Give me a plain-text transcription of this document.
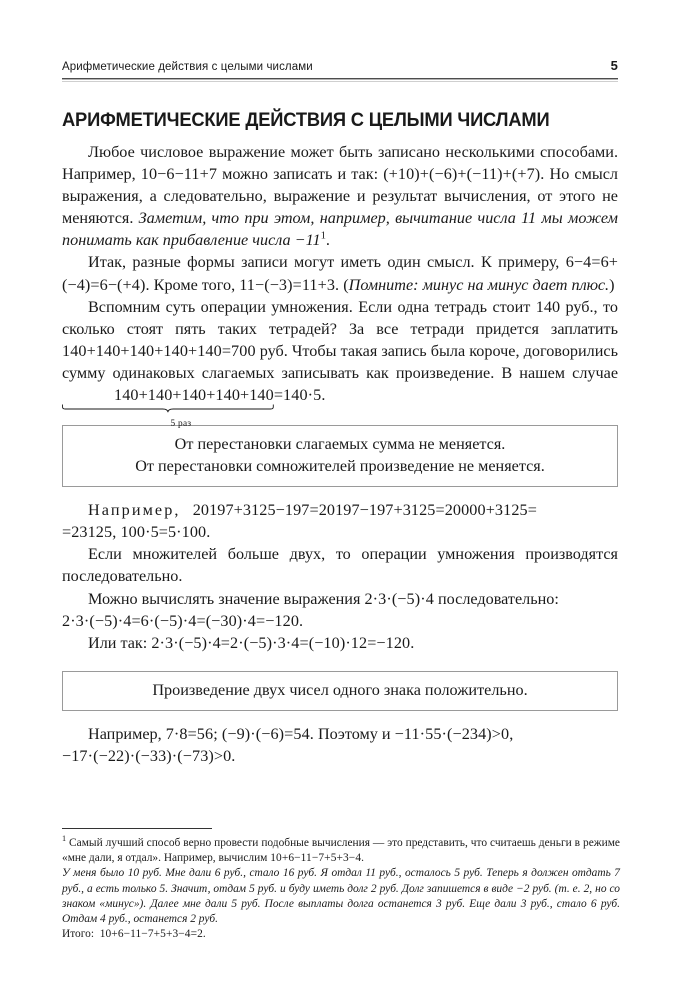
Арифметические действия с целыми числами	5
АРИФМЕТИЧЕСКИЕ ДЕЙСТВИЯ С ЦЕЛЫМИ ЧИСЛАМИ

Любое числовое выражение может быть записано несколькими способами. Например, 10−6−11+7 можно записать и так: (+10)+(−6)+(−11)+(+7). Но смысл выражения, а следовательно, выражение и результат вычисления, от этого не меняются. Заметим, что при этом, например, вычитание числа 11 мы можем понимать как прибавление числа −11$^1$.

Итак, разные формы записи могут иметь один смысл. К примеру, 6−4=6+(−4)=6−(+4). Кроме того, 11−(−3)=11+3. (Помните: минус на минус дает плюс.)

Вспомним суть операции умножения. Если одна тетрадь стоит 140 руб., то сколько стоят пять таких тетрадей? За все тетради придется заплатить 140+140+140+140+140=700 руб. Чтобы такая запись была короче, договорились сумму одинаковых слагаемых записывать как произведение. В нашем случае 140+140+140+140+140
5 раз
=140·5.

От перестановки слагаемых сумма не меняется.
От перестановки сомножителей произведение не меняется.

Например, 20197+3125−197=20197−197+3125=20000+3125=
=23125, 100·5=5·100.

Если множителей больше двух, то операции умножения производятся последовательно.

Можно вычислять значение выражения 2·3·(−5)·4 последовательно:
2·3·(−5)·4=6·(−5)·4=(−30)·4=−120.

Или так: 2·3·(−5)·4=2·(−5)·3·4=(−10)·12=−120.

Произведение двух чисел одного знака положительно.

Например, 7·8=56; (−9)·(−6)=54. Поэтому и −11·55·(−234)>0,
−17·(−22)·(−33)·(−73)>0.

$^1$ Самый лучший способ верно провести подобные вычисления — это представить, что считаешь деньги в режиме «мне дали, я отдал». Например, вычислим 10+6−11−7+5+3−4.

У меня было 10 руб. Мне дали 6 руб., стало 16 руб. Я отдал 11 руб., осталось 5 руб. Теперь я должен отдать 7 руб., а есть только 5. Значит, отдам 5 руб. и буду иметь долг 2 руб. Долг запишется в виде −2 руб. (т. е. 2, но со знаком «минус»). Далее мне дали 5 руб. После выплаты долга останется 3 руб. Еще дали 3 руб., стало 6 руб. Отдам 4 руб., останется 2 руб.

Итого: 10+6−11−7+5+3−4=2.
